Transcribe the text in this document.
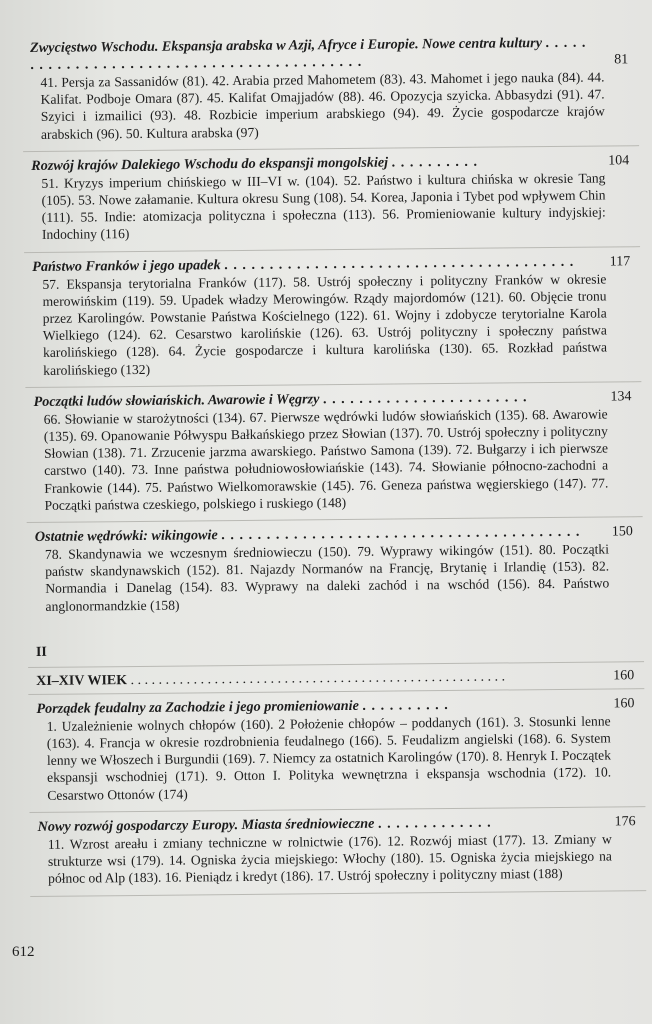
Zwycięstwo Wschodu. Ekspansja arabska w Azji, Afryce i Europie. Nowe centra kultury . . . . . . . . . . . . . . . . . . . . . . . . . . . . . . . . . . . . . . . . . .	81
41. Persja za Sassanidów (81). 42. Arabia przed Mahometem (83). 43. Mahomet i jego nauka (84). 44. Kalifat. Podboje Omara (87). 45. Kalifat Omajjadów (88). 46. Opozycja szyicka. Abbasydzi (91). 47. Szyici i izmailici (93). 48. Rozbicie imperium arabskiego (94). 49. Życie gospodarcze krajów arabskich (96). 50. Kultura arabska (97)
Rozwój krajów Dalekiego Wschodu do ekspansji mongolskiej . . . . . . . . . .	104
51. Kryzys imperium chińskiego w III–VI w. (104). 52. Państwo i kultura chińska w okresie Tang (105). 53. Nowe załamanie. Kultura okresu Sung (108). 54. Korea, Japonia i Tybet pod wpływem Chin (111). 55. Indie: atomizacja polityczna i społeczna (113). 56. Promieniowanie kultury indyjskiej: Indochiny (116)
Państwo Franków i jego upadek . . . . . . . . . . . . . . . . . . . . . . . . . . . . . . . . . . . . . . .	117
57. Ekspansja terytorialna Franków (117). 58. Ustrój społeczny i polityczny Franków w okresie merowińskim (119). 59. Upadek władzy Merowingów. Rządy majordomów (121). 60. Objęcie tronu przez Karolingów. Powstanie Państwa Kościelnego (122). 61. Wojny i zdobycze terytorialne Karola Wielkiego (124). 62. Cesarstwo karolińskie (126). 63. Ustrój polityczny i społeczny państwa karolińskiego (128). 64. Życie gospodarcze i kultura karolińska (130). 65. Rozkład państwa karolińskiego (132)
Początki ludów słowiańskich. Awarowie i Węgrzy . . . . . . . . . . . . . . . . . . . . . . .	134
66. Słowianie w starożytności (134). 67. Pierwsze wędrówki ludów słowiańskich (135). 68. Awarowie (135). 69. Opanowanie Półwyspu Bałkańskiego przez Słowian (137). 70. Ustrój społeczny i polityczny Słowian (138). 71. Zrzucenie jarzma awarskiego. Państwo Samona (139). 72. Bułgarzy i ich pierwsze carstwo (140). 73. Inne państwa południowosłowiańskie (143). 74. Słowianie północno-zachodni a Frankowie (144). 75. Państwo Wielkomorawskie (145). 76. Geneza państwa węgierskiego (147). 77. Początki państwa czeskiego, polskiego i ruskiego (148)
Ostatnie wędrówki: wikingowie . . . . . . . . . . . . . . . . . . . . . . . . . . . . . . . . . . . . . . . . 150
78. Skandynawia we wczesnym średniowieczu (150). 79. Wyprawy wikingów (151). 80. Początki państw skandynawskich (152). 81. Najazdy Normanów na Francję, Brytanię i Irlandię (153). 82. Normandia i Danelag (154). 83. Wyprawy na daleki zachód i na wschód (156). 84. Państwo anglonormandzkie (158)
II
XI–XIV WIEK . . . . . . . . . . . . . . . . . . . . . . . . . . . . . . . . . . . . . . . . . . . . . . . . . . . . . .	160
Porządek feudalny za Zachodzie i jego promieniowanie . . . . . . . . . .	160
1. Uzależnienie wolnych chłopów (160). 2 Położenie chłopów – poddanych (161). 3. Stosunki lenne (163). 4. Francja w okresie rozdrobnienia feudalnego (166). 5. Feudalizm angielski (168). 6. System lenny we Włoszech i Burgundii (169). 7. Niemcy za ostatnich Karolingów (170). 8. Henryk I. Początek ekspansji wschodniej (171). 9. Otton I. Polityka wewnętrzna i ekspansja wschodnia (172). 10. Cesarstwo Ottonów (174)
Nowy rozwój gospodarczy Europy. Miasta średniowieczne . . . . . . . . . . . . .	176
11. Wzrost areału i zmiany techniczne w rolnictwie (176). 12. Rozwój miast (177). 13. Zmiany w strukturze wsi (179). 14. Ogniska życia miejskiego: Włochy (180). 15. Ogniska życia miejskiego na północ od Alp (183). 16. Pieniądz i kredyt (186). 17. Ustrój społeczny i polityczny miast (188)
612
